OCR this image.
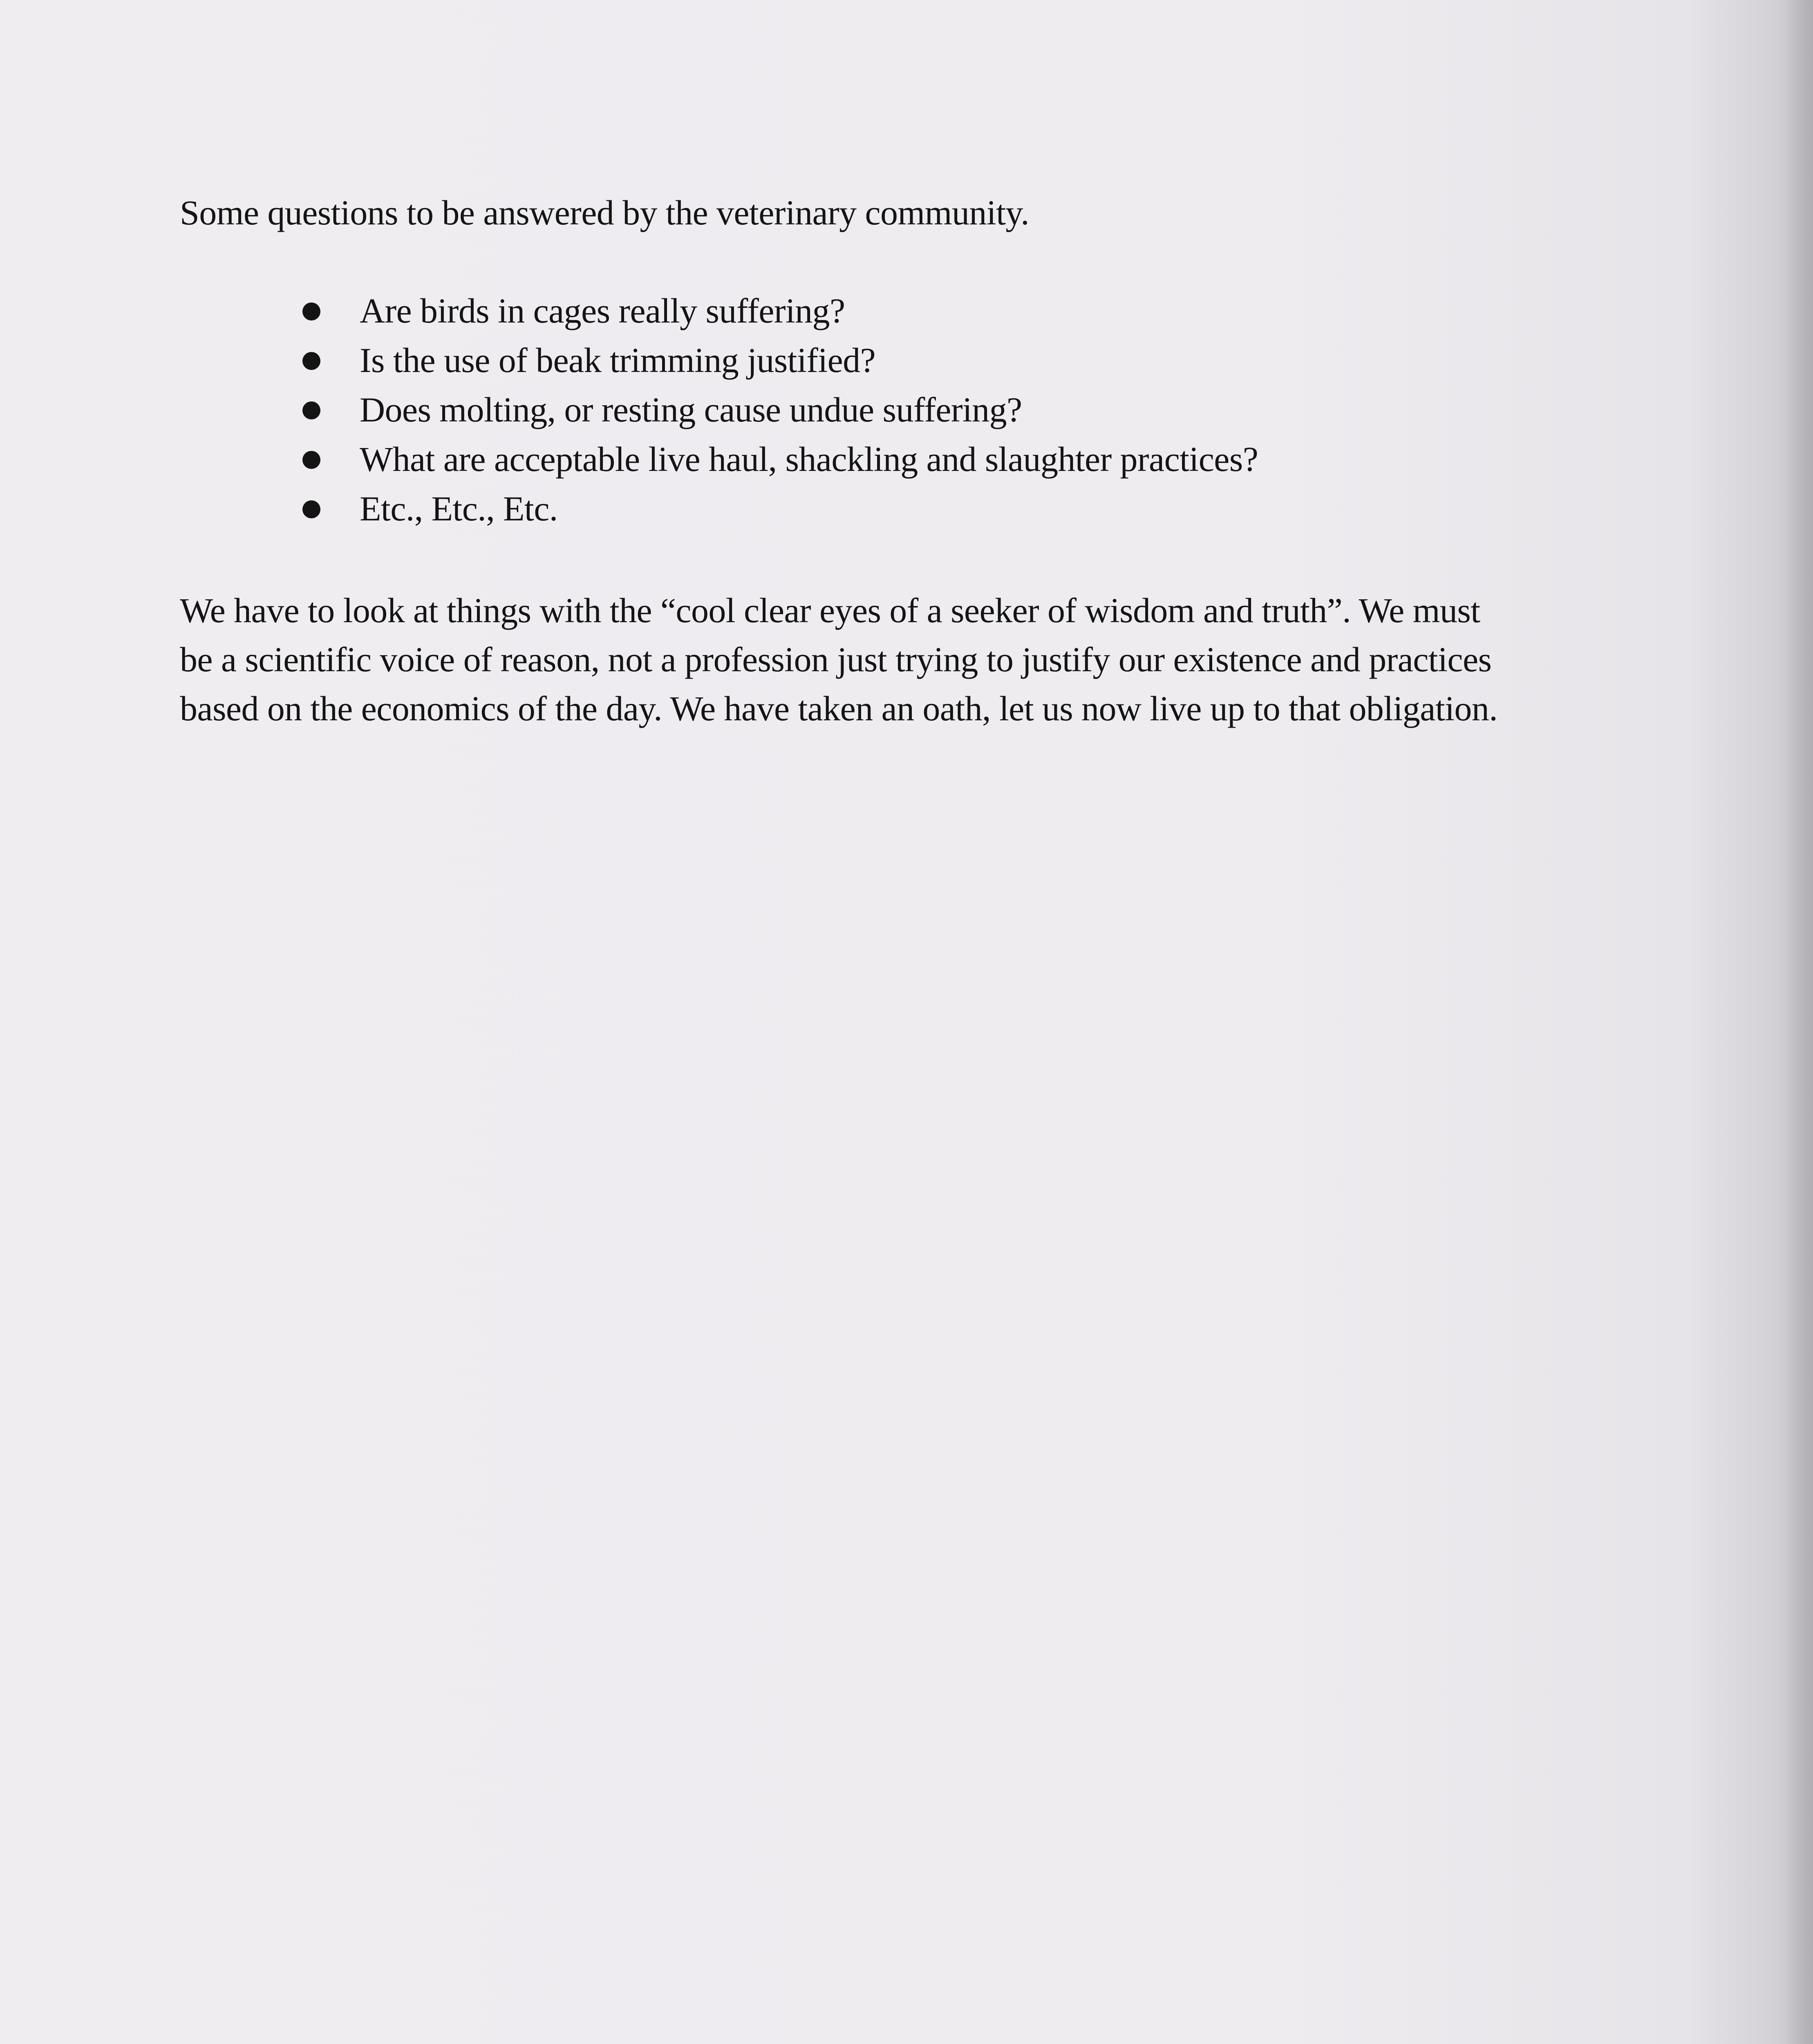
Some questions to be answered by the veterinary community.

Are birds in cages really suffering?
Is the use of beak trimming justified?
Does molting, or resting cause undue suffering?
What are acceptable live haul, shackling and slaughter practices?
Etc., Etc., Etc.

We have to look at things with the “cool clear eyes of a seeker of wisdom and truth”. We must
be a scientific voice of reason, not a profession just trying to justify our existence and practices
based on the economics of the day. We have taken an oath, let us now live up to that obligation.
